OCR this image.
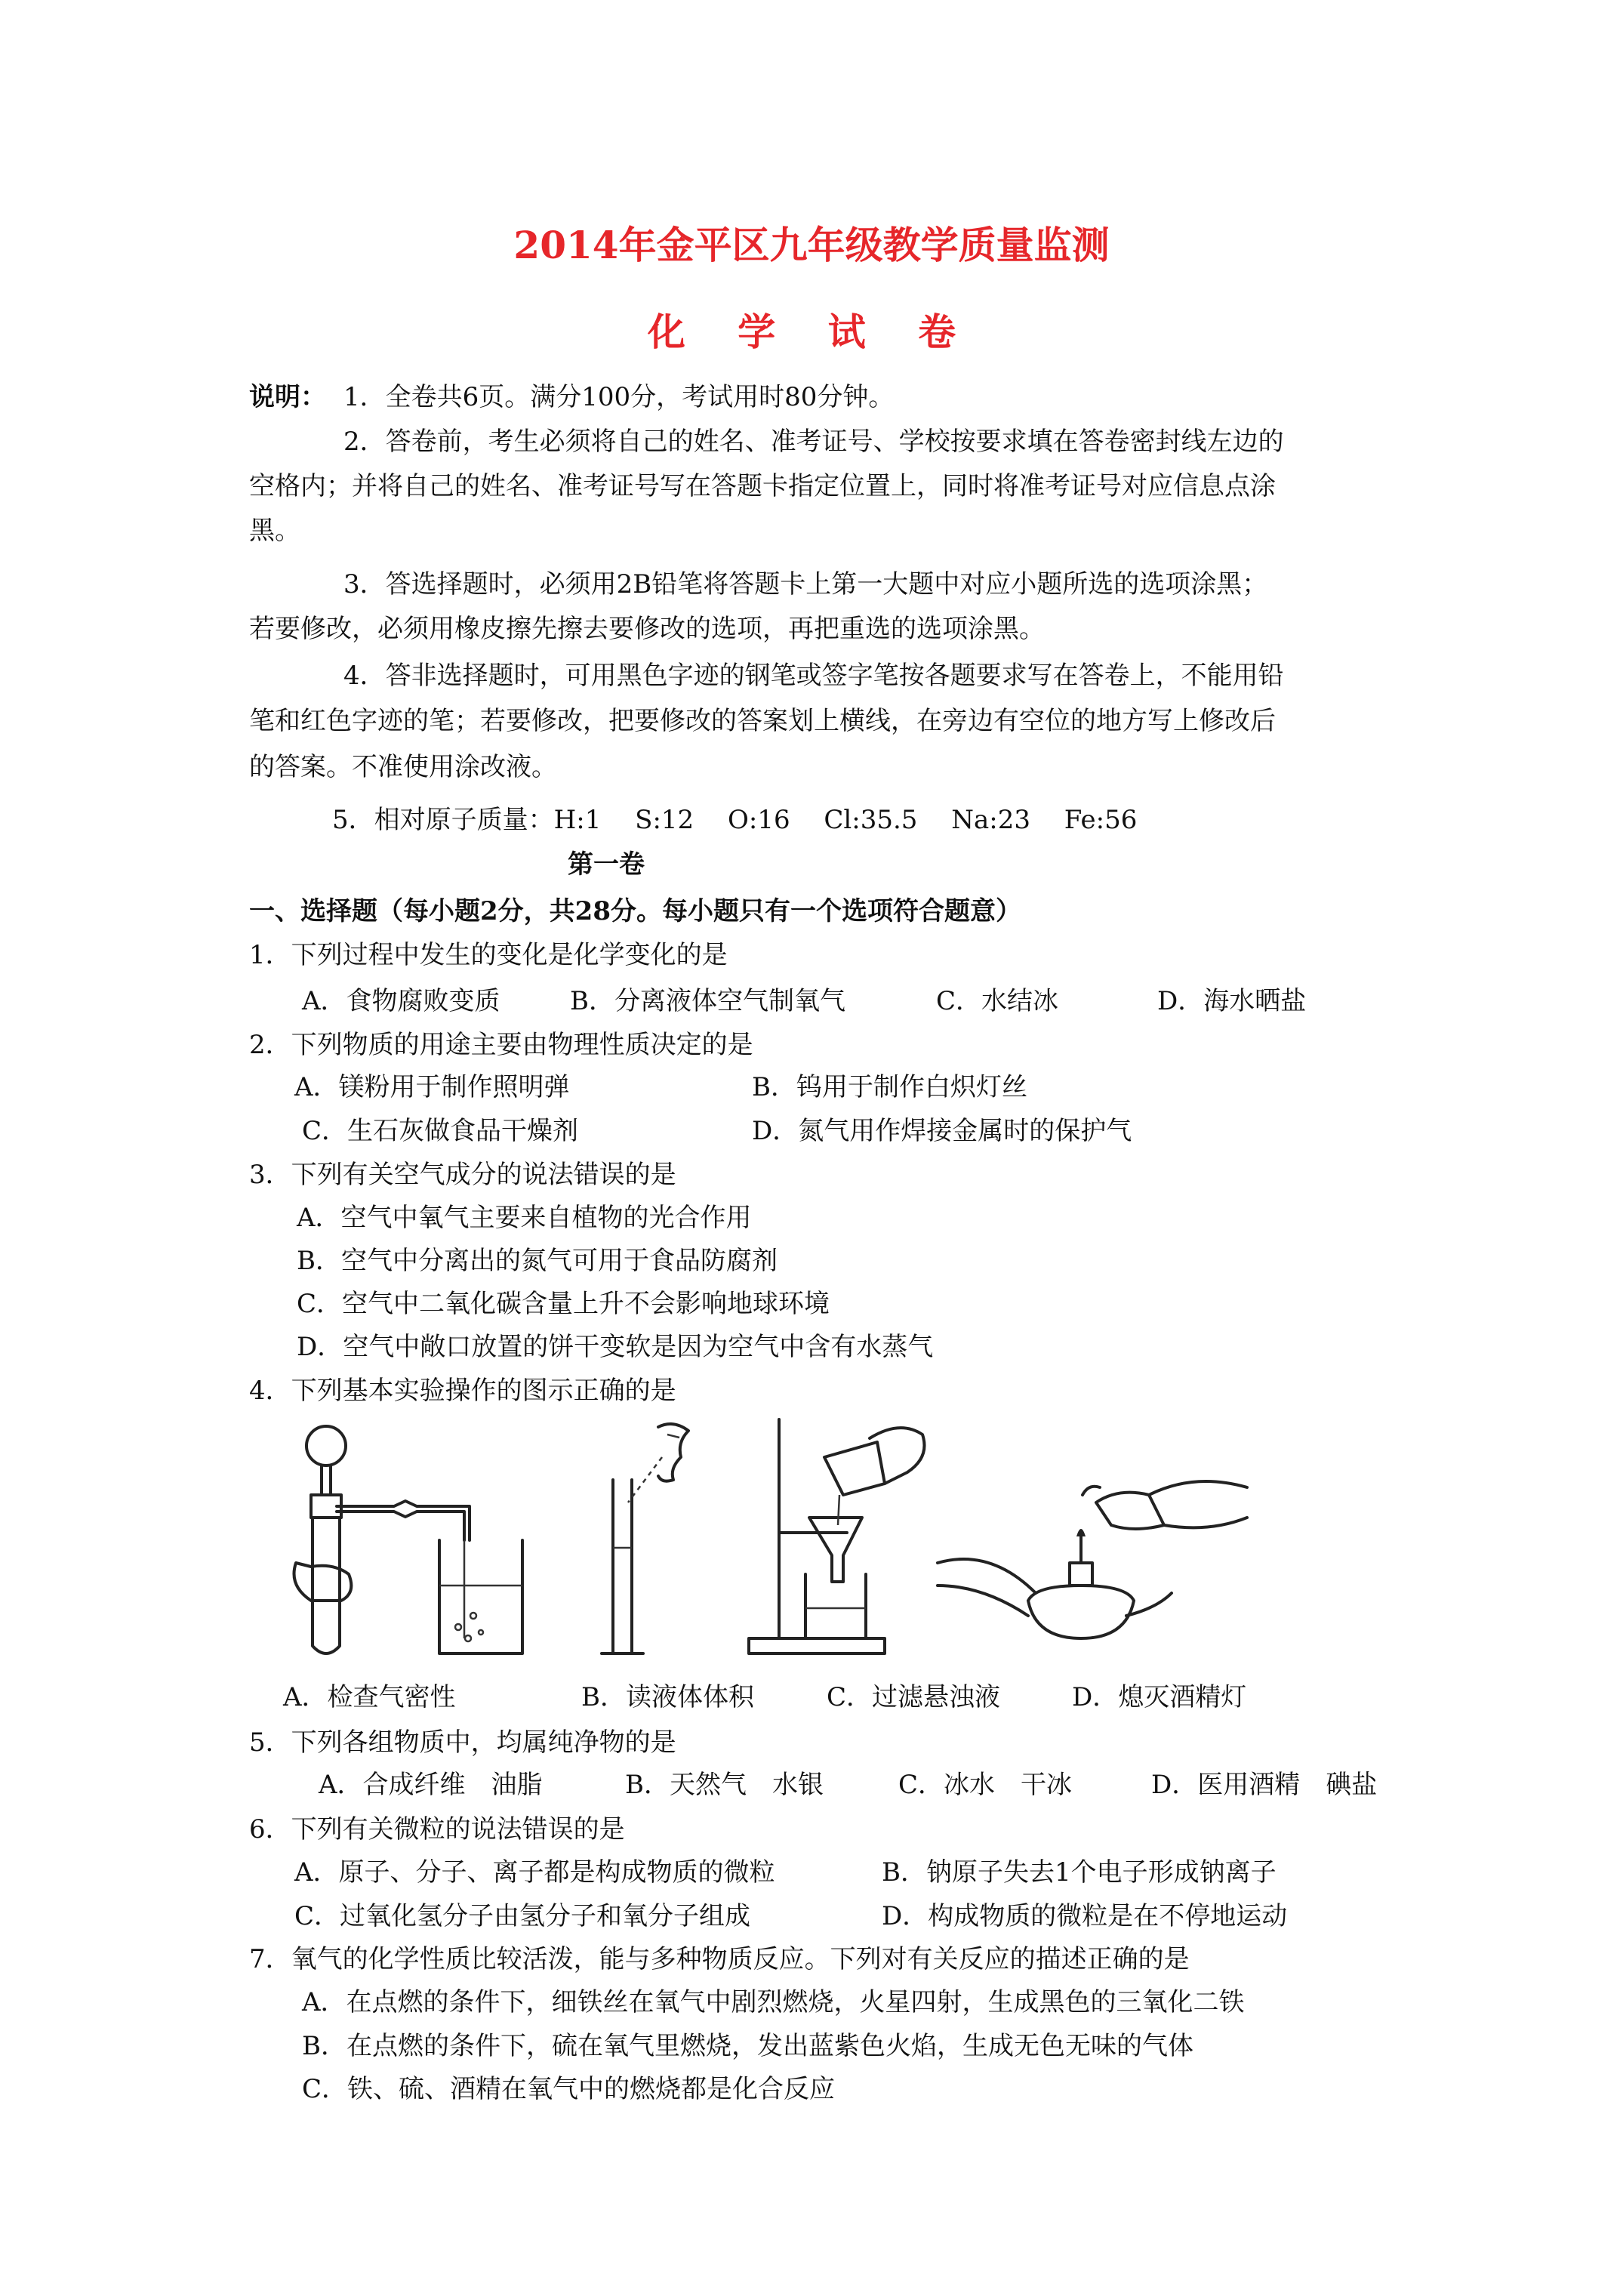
2014年金平区九年级教学质量监测
化 学 试 卷
说明： 1．全卷共6页。满分100分，考试用时80分钟。
2．答卷前，考生必须将自己的姓名、准考证号、学校按要求填在答卷密封线左边的
空格内；并将自己的姓名、准考证号写在答题卡指定位置上，同时将准考证号对应信息点涂
黑。
3．答选择题时，必须用2B铅笔将答题卡上第一大题中对应小题所选的选项涂黑；
若要修改，必须用橡皮擦先擦去要修改的选项，再把重选的选项涂黑。
4．答非选择题时，可用黑色字迹的钢笔或签字笔按各题要求写在答卷上，不能用铅
笔和红色字迹的笔；若要修改，把要修改的答案划上横线，在旁边有空位的地方写上修改后
的答案。不准使用涂改液。
5．相对原子质量：H:1　 S:12　 O:16　 Cl:35.5　 Na:23　 Fe:56
第一卷
一、选择题（每小题2分，共28分。每小题只有一个选项符合题意）
1．下列过程中发生的变化是化学变化的是
A．食物腐败变质	B．分离液体空气制氧气	C．水结冰	D．海水晒盐
2．下列物质的用途主要由物理性质决定的是
A．镁粉用于制作照明弹	B．钨用于制作白炽灯丝
C．生石灰做食品干燥剂	D．氮气用作焊接金属时的保护气
3．下列有关空气成分的说法错误的是
A．空气中氧气主要来自植物的光合作用
B．空气中分离出的氮气可用于食品防腐剂
C．空气中二氧化碳含量上升不会影响地球环境
D．空气中敞口放置的饼干变软是因为空气中含有水蒸气
4．下列基本实验操作的图示正确的是
A．检查气密性	B．读液体体积	C．过滤悬浊液	D．熄灭酒精灯
5．下列各组物质中，均属纯净物的是
A．合成纤维　油脂	B．天然气　水银	C．冰水　干冰	D．医用酒精　碘盐
6．下列有关微粒的说法错误的是
A．原子、分子、离子都是构成物质的微粒	B．钠原子失去1个电子形成钠离子
C．过氧化氢分子由氢分子和氧分子组成	D．构成物质的微粒是在不停地运动
7．氧气的化学性质比较活泼，能与多种物质反应。下列对有关反应的描述正确的是
A．在点燃的条件下，细铁丝在氧气中剧烈燃烧，火星四射，生成黑色的三氧化二铁
B．在点燃的条件下，硫在氧气里燃烧，发出蓝紫色火焰，生成无色无味的气体
C．铁、硫、酒精在氧气中的燃烧都是化合反应
